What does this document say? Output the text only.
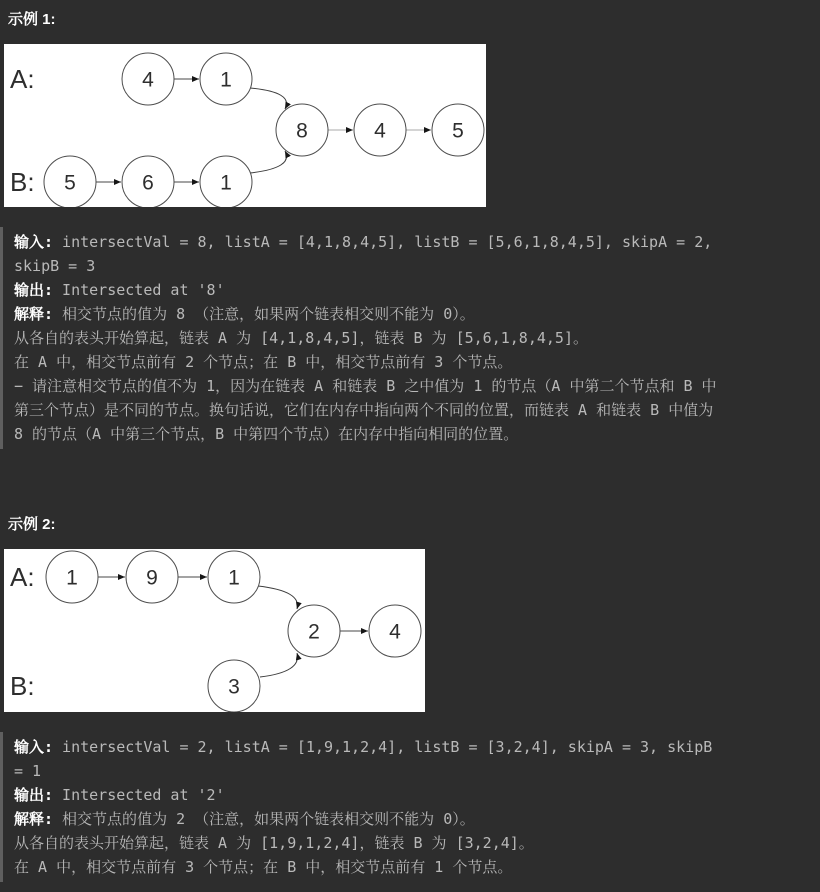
示例 1:
A:
B:
4	1
8	4	5
5	6	1
输入: intersectVal = 8, listA = [4,1,8,4,5], listB = [5,6,1,8,4,5], skipA = 2,
skipB = 3
输出: Intersected at '8'
解释: 相交节点的值为 8 （注意，如果两个链表相交则不能为 0）。
从各自的表头开始算起，链表 A 为 [4,1,8,4,5]，链表 B 为 [5,6,1,8,4,5]。
在 A 中，相交节点前有 2 个节点；在 B 中，相交节点前有 3 个节点。
− 请注意相交节点的值不为 1，因为在链表 A 和链表 B 之中值为 1 的节点（A 中第二个节点和 B 中
第三个节点）是不同的节点。换句话说，它们在内存中指向两个不同的位置，而链表 A 和链表 B 中值为
8 的节点（A 中第三个节点，B 中第四个节点）在内存中指向相同的位置。
示例 2:
A:
B:
1	9	1
2	4
3
输入: intersectVal = 2, listA = [1,9,1,2,4], listB = [3,2,4], skipA = 3, skipB
= 1
输出: Intersected at '2'
解释: 相交节点的值为 2 （注意，如果两个链表相交则不能为 0）。
从各自的表头开始算起，链表 A 为 [1,9,1,2,4]，链表 B 为 [3,2,4]。
在 A 中，相交节点前有 3 个节点；在 B 中，相交节点前有 1 个节点。
